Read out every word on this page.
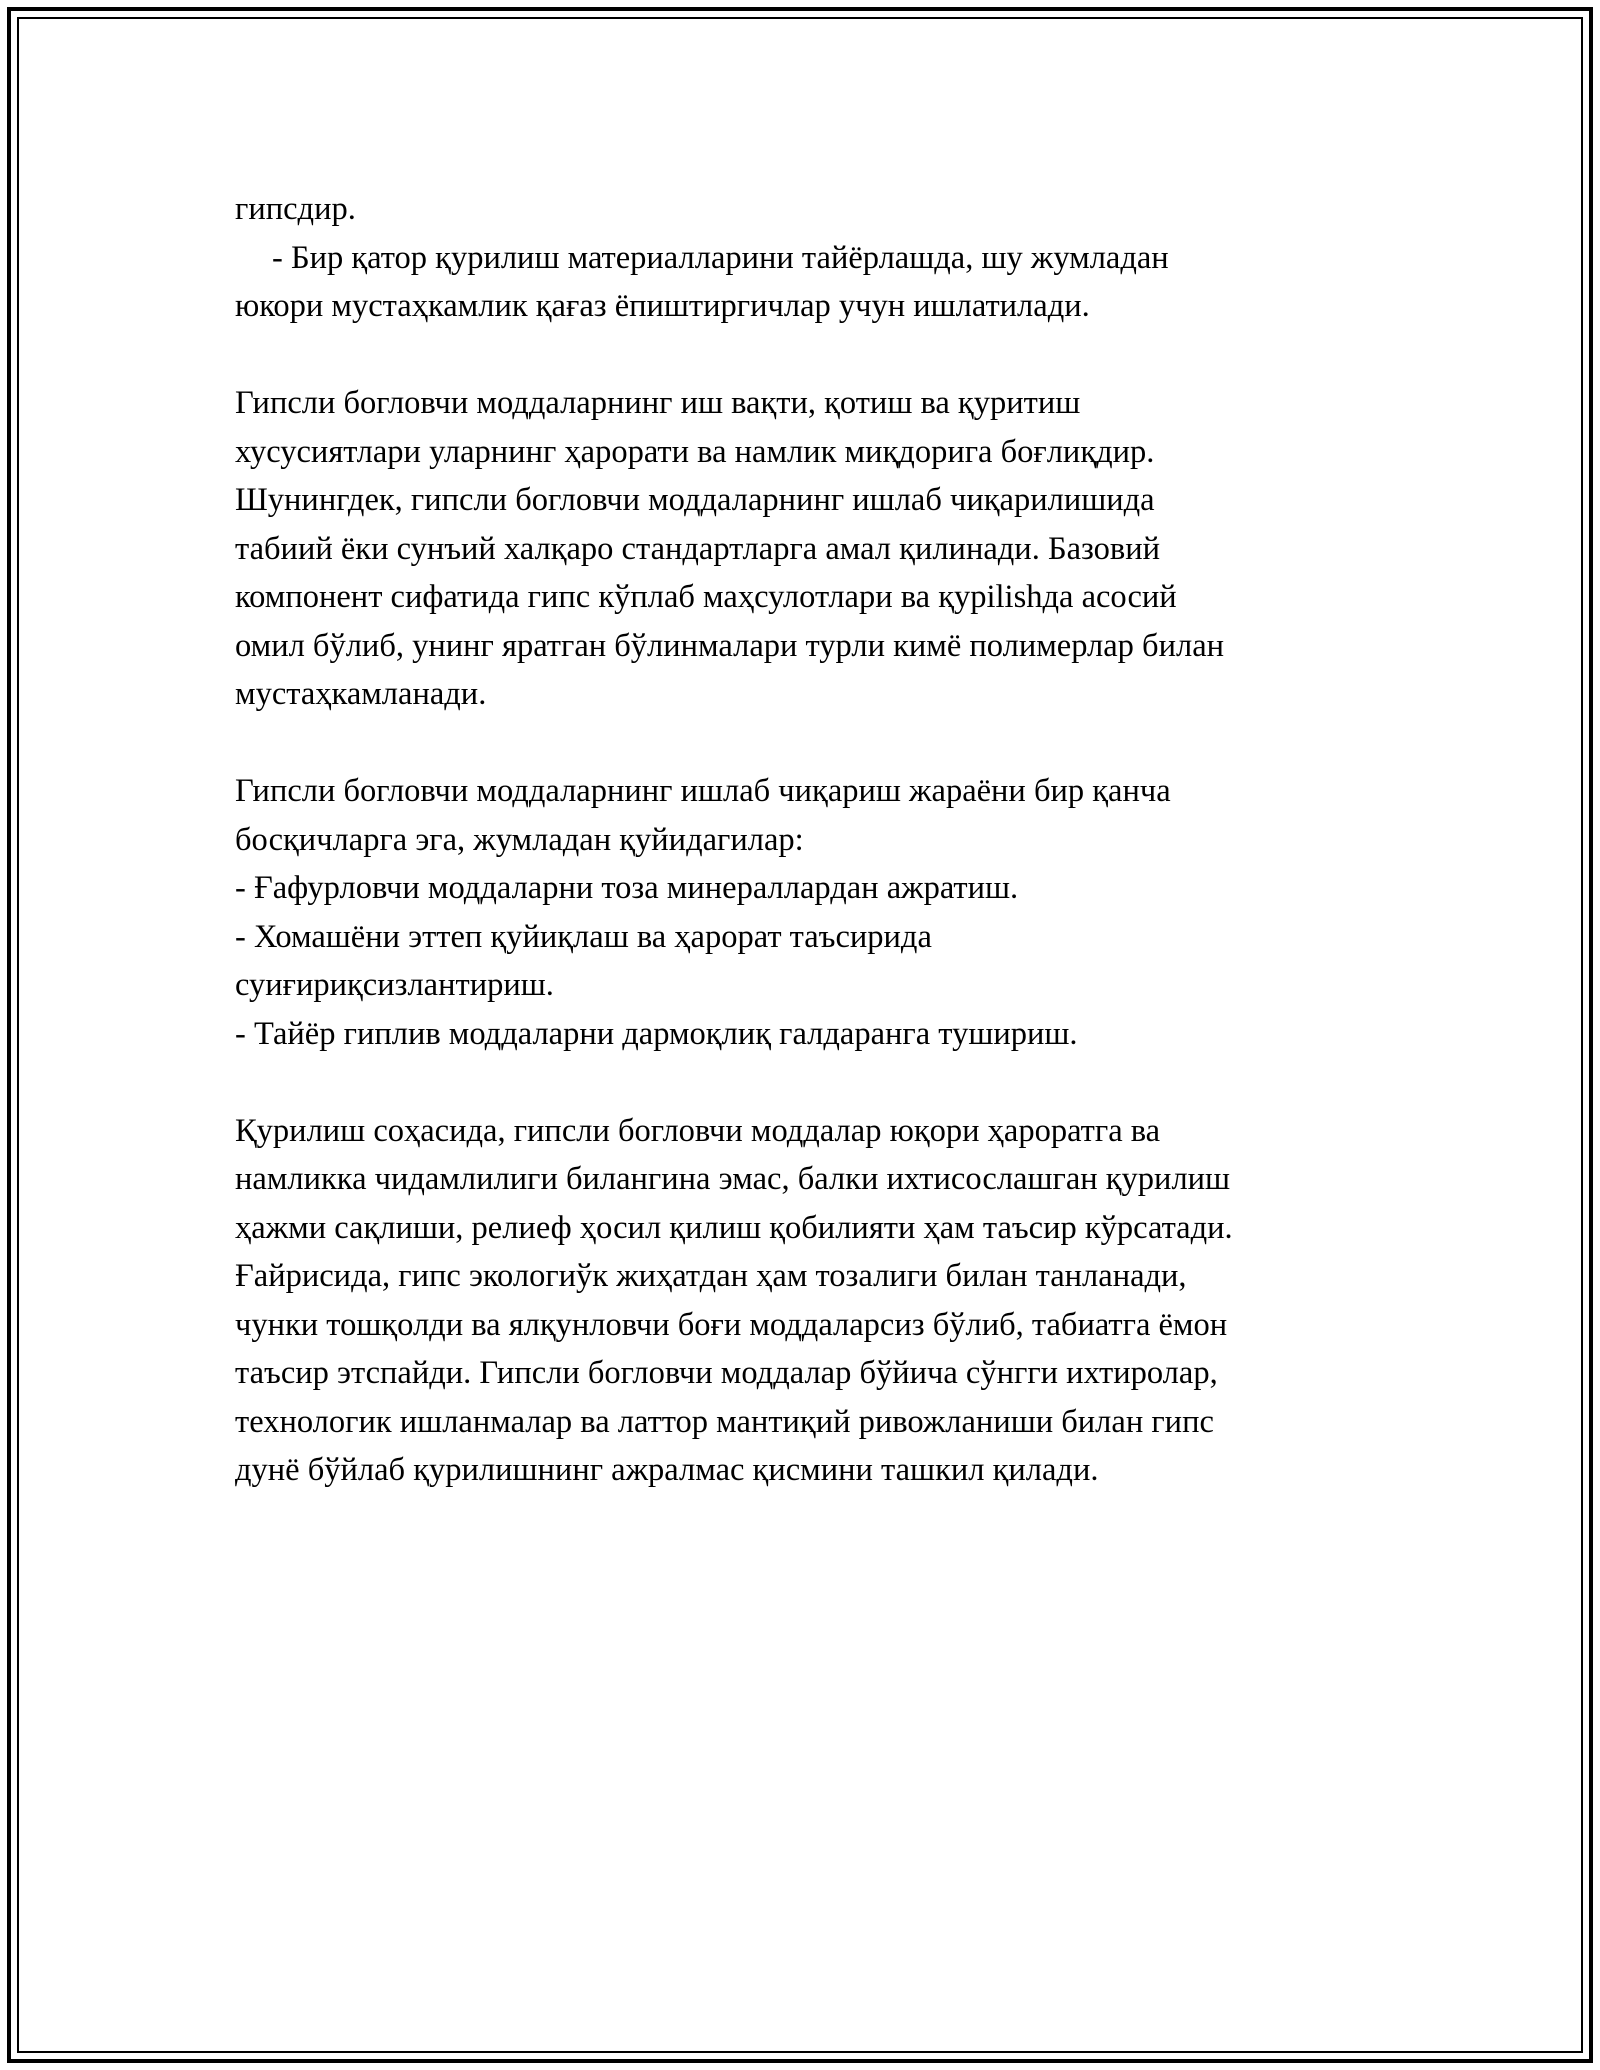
гипсдир.
- Бир қатор қурилиш материалларини тайёрлашда, шу жумладан
юкори мустаҳкамлик қағаз ёпиштиргичлар учун ишлатилади.
Гипсли богловчи моддаларнинг иш вақти, қотиш ва қуритиш
хусусиятлари уларнинг ҳарорати ва намлик миқдорига боғлиқдир.
Шунингдек, гипсли богловчи моддаларнинг ишлаб чиқарилишида
табиий ёки сунъий халқаро стандартларга амал қилинади. Базовий
компонент сифатида гипс кўплаб маҳсулотлари ва қурilishда асосий
омил бўлиб, унинг яратган бўлинмалари турли кимё полимерлар билан
мустаҳкамланади.
Гипсли богловчи моддаларнинг ишлаб чиқариш жараёни бир қанча
босқичларга эга, жумладан қуйидагилар:
- Ғафурловчи моддаларни тоза минераллардан ажратиш.
- Хомашёни эттеп қуйиқлаш ва ҳарорат таъсирида
суиғириқсизлантириш.
- Тайёр гиплив моддаларни дармоқлиқ галдаранга тушириш.
Қурилиш соҳасида, гипсли богловчи моддалар юқори ҳароратга ва
намликка чидамлилиги билангина эмас, балки ихтисослашган қурилиш
ҳажми сақлиши, релиеф ҳосил қилиш қобилияти ҳам таъсир кўрсатади.
Ғайрисида, гипс экологиўк жиҳатдан ҳам тозалиги билан танланади,
чунки тошқолди ва ялқунловчи боғи моддаларсиз бўлиб, табиатга ёмон
таъсир этспайди. Гипсли богловчи моддалар бўйича сўнгги ихтиролар,
технологик ишланмалар ва латтор мантиқий ривожланиши билан гипс
дунё бўйлаб қурилишнинг ажралмас қисмини ташкил қилади.
